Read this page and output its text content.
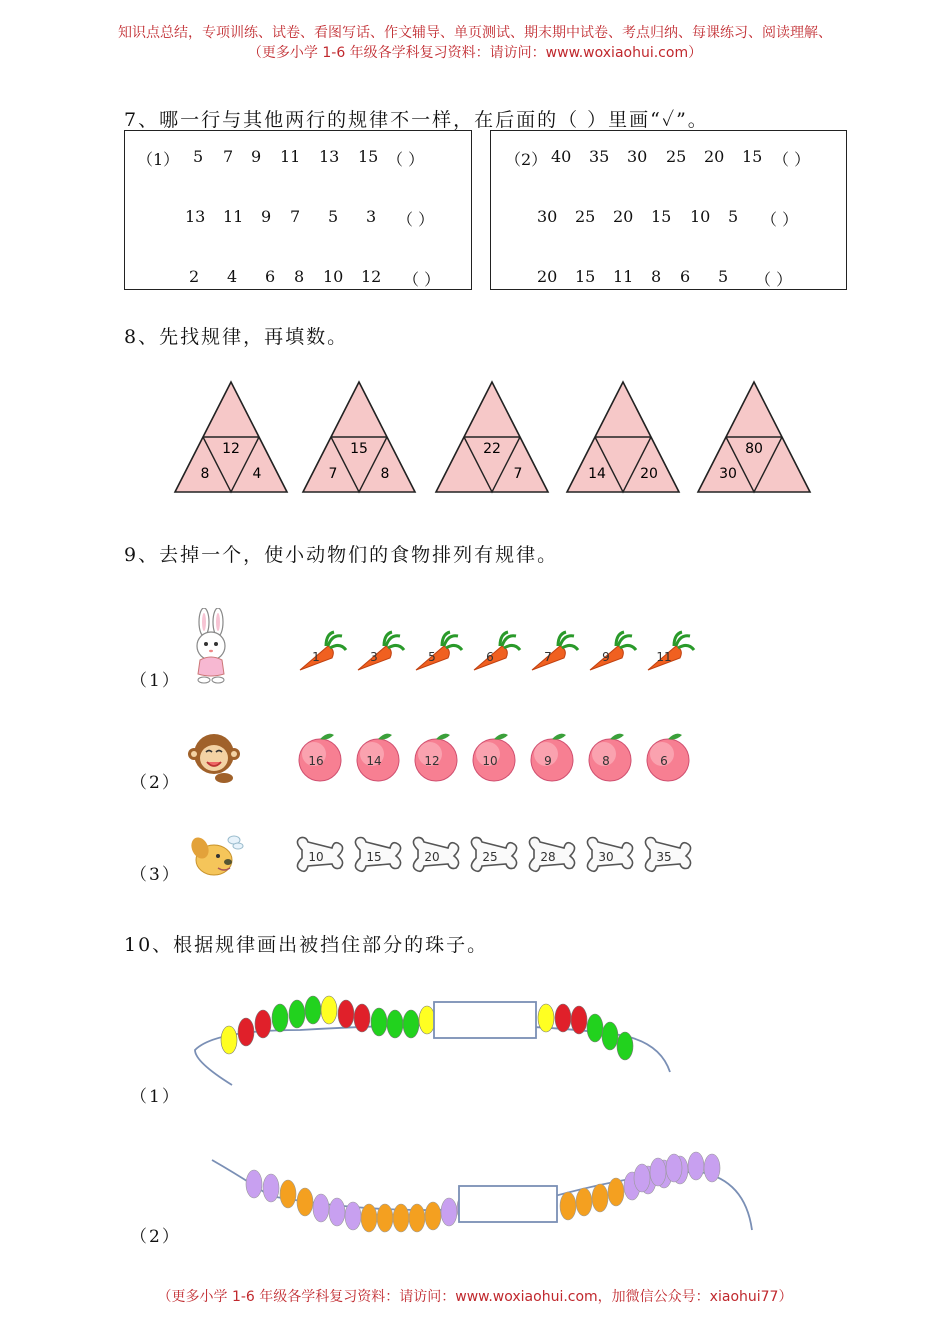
知识点总结，专项训练、试卷、看图写话、作文辅导、单页测试、期末期中试卷、考点归纳、每课练习、阅读理解、
（更多小学 1-6 年级各学科复习资料：请访问：www.woxiaohui.com）
7、哪一行与其他两行的规律不一样，在后面的（ ）里画“✓”。
（1） 5 7 9 11 13 15 （ ）
13 11 9 7 5 3 （ ）
2 4 6 8 10 12 （ ）
（2） 40 35 30 25 20 15 （ ）
30 25 20 15 10 5 （ ）
20 15 11 8 6 5 （ ）
8、先找规律，再填数。
12
8	4
15
7	8
22
7	14 20
80
30
9、去掉一个，使小动物们的食物排列有规律。
（1）
（2）
（3）
1	3	5	6	7	9	11
16	14	12	10	9	8	6
10	15	20	25	28	30	35
10、根据规律画出被挡住部分的珠子。
（1）
（2）
（更多小学 1-6 年级各学科复习资料：请访问：www.woxiaohui.com，加微信公众号：xiaohui77）
